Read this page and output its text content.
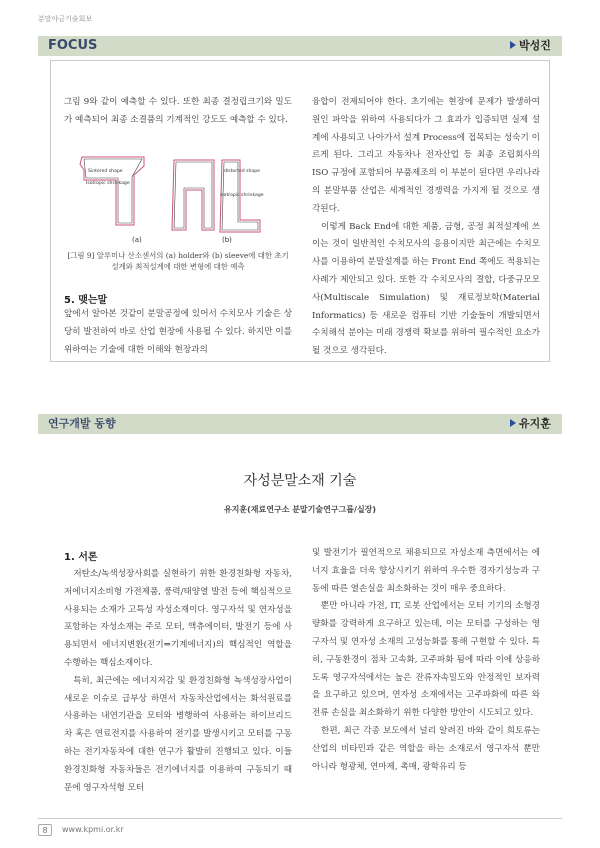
분말야금기술회보
FOCUS	박성진
그림 9와 같이 예측할 수 있다. 또한 최종 결정립크기와 밀도가 예측되어 최종 소결품의 기계적인 강도도 예측할 수 있다.
Sintered shape
Isotropic shrinkage
distorted shape
isotropic shrinkage
(a)	(b)
[그림 9] 알루미나 산소센서의 (a) holder와 (b) sleeve에 대한 초기설계와 최적설계에 대한 변형에 대한 예측
5. 맺는말
앞에서 알아본 것같이 분말공정에 있어서 수치모사 기술은 상당히 발전하여 바로 산업 현장에 사용될 수 있다. 하지만 이를 위하여는 기술에 대한 이해와 현장과의
융합이 전제되어야 한다. 초기에는 현장에 문제가 발생하여 원인 파악을 위하여 사용되다가 그 효과가 입증되면 실제 설계에 사용되고 나아가서 설계 Process에 접목되는 성숙기 이르게 된다. 그리고 자동차나 전자산업 등 최종 조립회사의 ISO 규정에 포함되어 부품제조의 이 부분이 된다면 우리나라의 분말부품 산업은 세계적인 경쟁력을 가지게 될 것으로 생각된다.
　이렇게 Back End에 대한 제품, 금형, 공정 최적설계에 쓰이는 것이 일반적인 수치모사의 응용이지만 최근에는 수치모사를 이용하여 분말설계를 하는 Front End 쪽에도 적용되는 사례가 제안되고 있다. 또한 각 수치모사의 결합, 다중규모모사(Multiscale Simulation) 및 재료정보학(Material Informatics) 등 새로운 컴퓨터 기반 기술들이 개발되면서 수치해석 분야는 미래 경쟁력 확보를 위하여 필수적인 요소가 될 것으로 생각된다.
연구개발 동향	유지훈
자성분말소재 기술
유지훈(재료연구소 분말기술연구그룹/실장)
1. 서론
　저탄소/녹색성장사회를 실현하기 위한 환경친화형 자동차, 저에너지소비형 가전제품, 풍력/태양열 발전 등에 핵심적으로 사용되는 소재가 고특성 자성소재이다. 영구자석 및 연자성을 포함하는 자성소재는 주로 모터, 액츄에이터, 발전기 등에 사용되면서 에너지변환(전기⇔기계에너지)의 핵심적인 역할을 수행하는 핵심소재이다.
　특히, 최근에는 에너지저감 및 환경친화형 녹색성장사업이 새로운 이슈로 급부상 하면서 자동차산업에서는 화석원료를 사용하는 내연기관을 모터와 병행하여 사용하는 하이브리드차 혹은 연료전지를 사용하여 전기를 발생시키고 모터를 구동하는 전기자동차에 대한 연구가 활발히 진행되고 있다. 이들 환경친화형 자동차들은 전기에너지를 이용하여 구동되기 때문에 영구자석형 모터
및 발전기가 필연적으로 채용되므로 자성소재 측면에서는 에너지 효율을 더욱 향상시키기 위하여 우수한 경자기성능과 구동에 따른 열손실을 최소화하는 것이 매우 중요하다.
　뿐만 아니라 가전, IT, 로봇 산업에서는 모터 기기의 소형경량화를 강력하게 요구하고 있는데, 이는 모터를 구성하는 영구자석 및 연자성 소재의 고성능화를 통해 구현할 수 있다. 특히, 구동환경이 점차 고속화, 고주파화 됨에 따라 이에 상응하도록 영구자석에서는 높은 잔류자속밀도와 안정적인 보자력을 요구하고 있으며, 연자성 소재에서는 고주파화에 따른 와전류 손실을 최소화하기 위한 다양한 방안이 시도되고 있다.
　한편, 최근 각종 보도에서 널리 알려진 바와 같이 희토류는 산업의 비타민과 같은 역할을 하는 소재로서 영구자석 뿐만 아니라 형광체, 연마제, 촉매, 광학유리 등
8	www.kpmi.or.kr
